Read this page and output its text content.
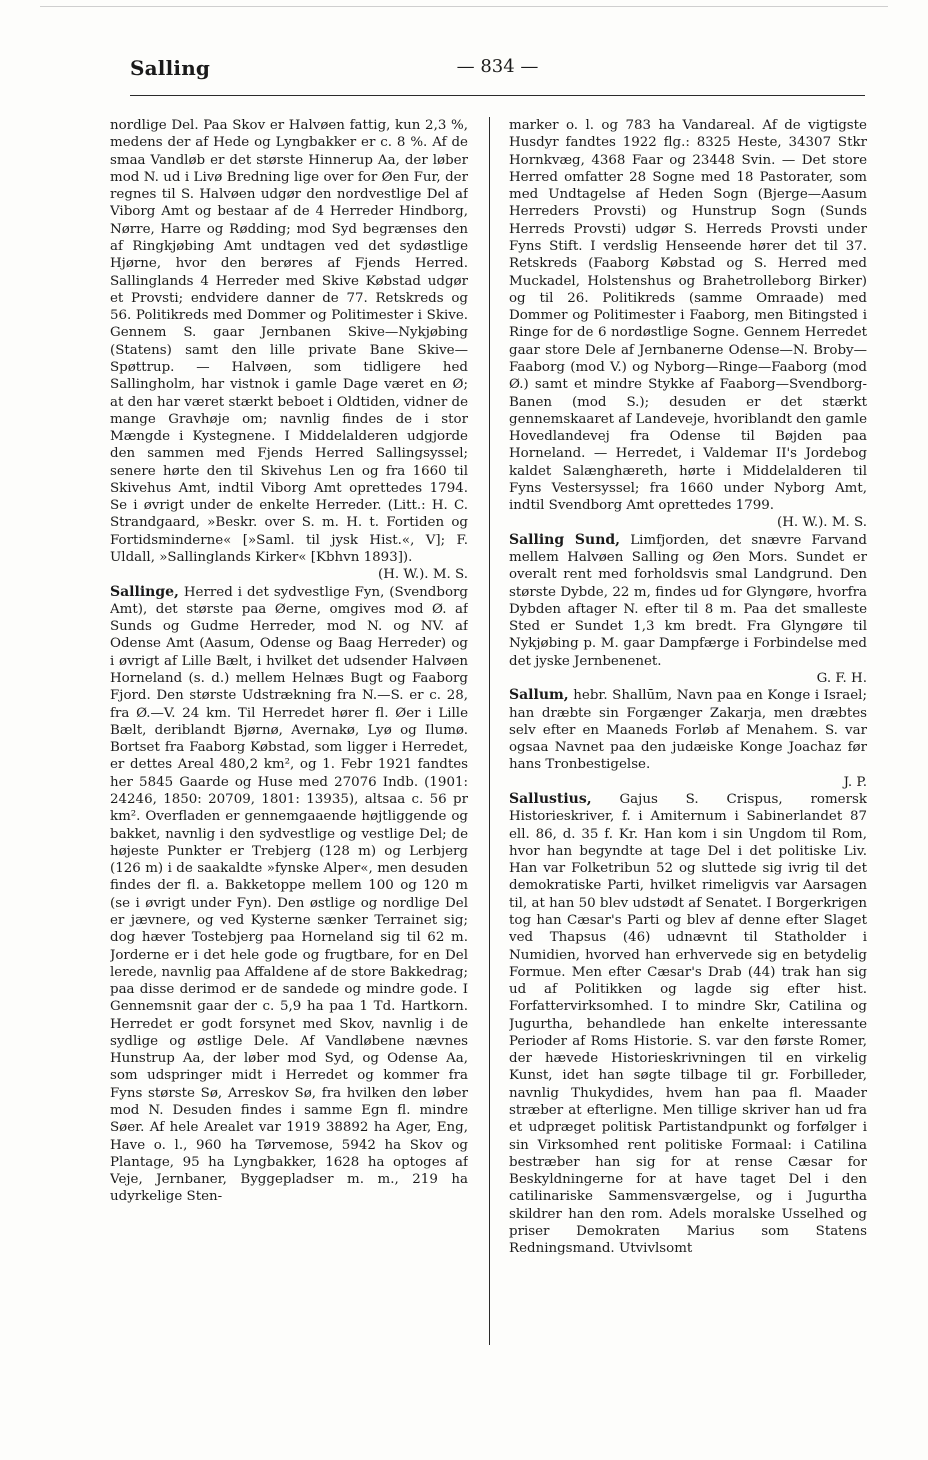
— 834 —
Salling

nordlige Del. Paa Skov er Halvøen fattig, kun 2,3 %, medens der af Hede og Lyngbakker er c. 8 %. Af de smaa Vandløb er det største Hinnerup Aa, der løber mod N. ud i Livø Bredning lige over for Øen Fur, der regnes til S. Halvøen udgør den nordvestlige Del af Viborg Amt og bestaar af de 4 Herreder Hindborg, Nørre, Harre og Rødding; mod Syd begrænses den af Ringkjøbing Amt undtagen ved det sydøstlige Hjørne, hvor den berøres af Fjends Herred. Sallinglands 4 Herreder med Skive Købstad udgør et Provsti; endvidere danner de 77. Retskreds og 56. Politikreds med Dommer og Politimester i Skive. Gennem S. gaar Jernbanen Skive—Nykjøbing (Statens) samt den lille private Bane Skive—Spøttrup. — Halvøen, som tidligere hed Sallingholm, har vistnok i gamle Dage været en Ø; at den har været stærkt beboet i Oldtiden, vidner de mange Gravhøje om; navnlig findes de i stor Mængde i Kystegnene. I Middelalderen udgjorde den sammen med Fjends Herred Sallingsyssel; senere hørte den til Skivehus Len og fra 1660 til Skivehus Amt, indtil Viborg Amt oprettedes 1794. Se i øvrigt under de enkelte Herreder. (Litt.: H. C. Strandgaard, »Beskr. over S. m. H. t. Fortiden og Fortidsminderne« [»Saml. til jysk Hist.«, V]; F. Uldall, »Sallinglands Kirker« [Kbhvn 1893]).

(H. W.). M. S.

Sallinge, Herred i det sydvestlige Fyn, (Svendborg Amt), det største paa Øerne, omgives mod Ø. af Sunds og Gudme Herreder, mod N. og NV. af Odense Amt (Aasum, Odense og Baag Herreder) og i øvrigt af Lille Bælt, i hvilket det udsender Halvøen Horneland (s. d.) mellem Helnæs Bugt og Faaborg Fjord. Den største Udstrækning fra N.—S. er c. 28, fra Ø.—V. 24 km. Til Herredet hører fl. Øer i Lille Bælt, deriblandt Bjørnø, Avernakø, Lyø og Ilumø. Bortset fra Faaborg Købstad, som ligger i Herredet, er dettes Areal 480,2 km², og 1. Febr 1921 fandtes her 5845 Gaarde og Huse med 27076 Indb. (1901: 24246, 1850: 20709, 1801: 13935), altsaa c. 56 pr km². Overfladen er gennemgaaende højtliggende og bakket, navnlig i den sydvestlige og vestlige Del; de højeste Punkter er Trebjerg (128 m) og Lerbjerg (126 m) i de saakaldte »fynske Alper«, men desuden findes der fl. a. Bakketoppe mellem 100 og 120 m (se i øvrigt under Fyn). Den østlige og nordlige Del er jævnere, og ved Kysterne sænker Terrainet sig; dog hæver Tostebjerg paa Horneland sig til 62 m. Jorderne er i det hele gode og frugtbare, for en Del lerede, navnlig paa Affaldene af de store Bakkedrag; paa disse derimod er de sandede og mindre gode. I Gennemsnit gaar der c. 5,9 ha paa 1 Td. Hartkorn. Herredet er godt forsynet med Skov, navnlig i de sydlige og østlige Dele. Af Vandløbene nævnes Hunstrup Aa, der løber mod Syd, og Odense Aa, som udspringer midt i Herredet og kommer fra Fyns største Sø, Arreskov Sø, fra hvilken den løber mod N. Desuden findes i samme Egn fl. mindre Søer. Af hele Arealet var 1919 38892 ha Ager, Eng, Have o. l., 960 ha Tørvemose, 5942 ha Skov og Plantage, 95 ha Lyngbakker, 1628 ha optoges af Veje, Jernbaner, Byggepladser m. m., 219 ha udyrkelige Sten-

marker o. l. og 783 ha Vandareal. Af de vigtigste Husdyr fandtes 1922 flg.: 8325 Heste, 34307 Stkr Hornkvæg, 4368 Faar og 23448 Svin. — Det store Herred omfatter 28 Sogne med 18 Pastorater, som med Undtagelse af Heden Sogn (Bjerge—Aasum Herreders Provsti) og Hunstrup Sogn (Sunds Herreds Provsti) udgør S. Herreds Provsti under Fyns Stift. I verdslig Henseende hører det til 37. Retskreds (Faaborg Købstad og S. Herred med Muckadel, Holstenshus og Brahetrolleborg Birker) og til 26. Politikreds (samme Omraade) med Dommer og Politimester i Faaborg, men Bitingsted i Ringe for de 6 nordøstlige Sogne. Gennem Herredet gaar store Dele af Jernbanerne Odense—N. Broby—Faaborg (mod V.) og Nyborg—Ringe—Faaborg (mod Ø.) samt et mindre Stykke af Faaborg—Svendborg-Banen (mod S.); desuden er det stærkt gennemskaaret af Landeveje, hvoriblandt den gamle Hovedlandevej fra Odense til Bøjden paa Horneland. — Herredet, i Valdemar II's Jordebog kaldet Salænghæreth, hørte i Middelalderen til Fyns Vestersyssel; fra 1660 under Nyborg Amt, indtil Svendborg Amt oprettedes 1799.

(H. W.). M. S.

Salling Sund, Limfjorden, det snævre Farvand mellem Halvøen Salling og Øen Mors. Sundet er overalt rent med forholdsvis smal Landgrund. Den største Dybde, 22 m, findes ud for Glyngøre, hvorfra Dybden aftager N. efter til 8 m. Paa det smalleste Sted er Sundet 1,3 km bredt. Fra Glyngøre til Nykjøbing p. M. gaar Dampfærge i Forbindelse med det jyske Jernbenenet.

G. F. H.

Sallum, hebr. Shallūm, Navn paa en Konge i Israel; han dræbte sin Forgænger Zakarja, men dræbtes selv efter en Maaneds Forløb af Menahem. S. var ogsaa Navnet paa den judæiske Konge Joachaz før hans Tronbestigelse.

J. P.

Sallustius, Gajus S. Crispus, romersk Historieskriver, f. i Amiternum i Sabinerlandet 87 ell. 86, d. 35 f. Kr. Han kom i sin Ungdom til Rom, hvor han begyndte at tage Del i det politiske Liv. Han var Folketribun 52 og sluttede sig ivrig til det demokratiske Parti, hvilket rimeligvis var Aarsagen til, at han 50 blev udstødt af Senatet. I Borgerkrigen tog han Cæsar's Parti og blev af denne efter Slaget ved Thapsus (46) udnævnt til Statholder i Numidien, hvorved han erhvervede sig en betydelig Formue. Men efter Cæsar's Drab (44) trak han sig ud af Politikken og lagde sig efter hist. Forfattervirksomhed. I to mindre Skr, Catilina og Jugurtha, behandlede han enkelte interessante Perioder af Roms Historie. S. var den første Romer, der hævede Historieskrivningen til en virkelig Kunst, idet han søgte tilbage til gr. Forbilleder, navnlig Thukydides, hvem han paa fl. Maader stræber at efterligne. Men tillige skriver han ud fra et udpræget politisk Partistandpunkt og forfølger i sin Virksomhed rent politiske Formaal: i Catilina bestræber han sig for at rense Cæsar for Beskyldningerne for at have taget Del i den catilinariske Sammensværgelse, og i Jugurtha skildrer han den rom. Adels moralske Usselhed og priser Demokraten Marius som Statens Redningsmand. Utvivlsomt
